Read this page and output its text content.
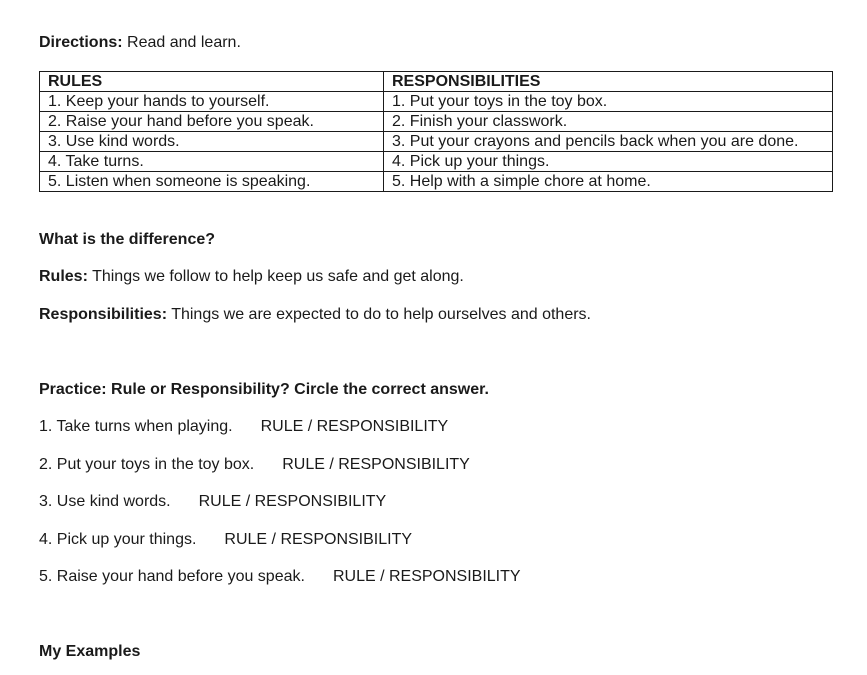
Directions: Read and learn.
RULES	RESPONSIBILITIES
1. Keep your hands to yourself.	1. Put your toys in the toy box.
2. Raise your hand before you speak.	2. Finish your classwork.
3. Use kind words.	3. Put your crayons and pencils back when you are done.
4. Take turns.	4. Pick up your things.
5. Listen when someone is speaking.	5. Help with a simple chore at home.
What is the difference?
Rules: Things we follow to help keep us safe and get along.
Responsibilities: Things we are expected to do to help ourselves and others.
Practice: Rule or Responsibility? Circle the correct answer.
1. Take turns when playing. RULE / RESPONSIBILITY
2. Put your toys in the toy box. RULE / RESPONSIBILITY
3. Use kind words. RULE / RESPONSIBILITY
4. Pick up your things. RULE / RESPONSIBILITY
5. Raise your hand before you speak. RULE / RESPONSIBILITY
My Examples
